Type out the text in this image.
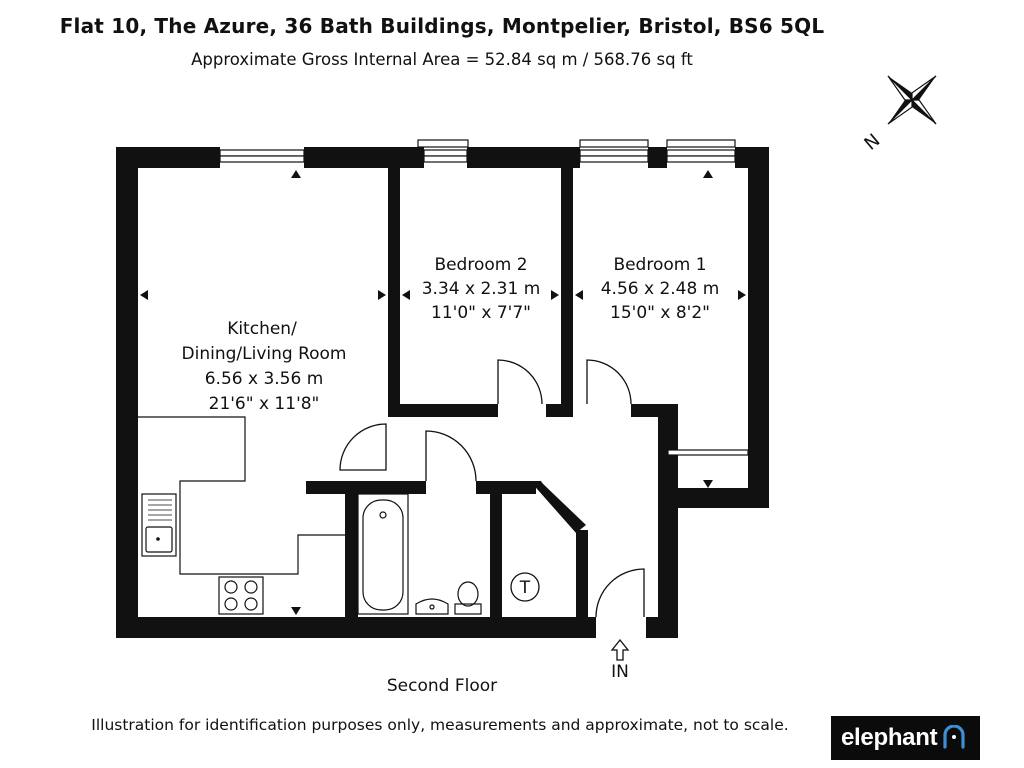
Flat 10, The Azure, 36 Bath Buildings, Montpelier, Bristol, BS6 5QL
Approximate Gross Internal Area = 52.84 sq m / 568.76 sq ft
T
N
Kitchen/
Dining/Living Room
6.56 x 3.56 m
21'6" x 11'8"
Bedroom 2
3.34 x 2.31 m
11'0" x 7'7"
Bedroom 1
4.56 x 2.48 m
15'0" x 8'2"
IN
Second Floor
Illustration for identification purposes only, measurements and approximate, not to scale.	elephant
